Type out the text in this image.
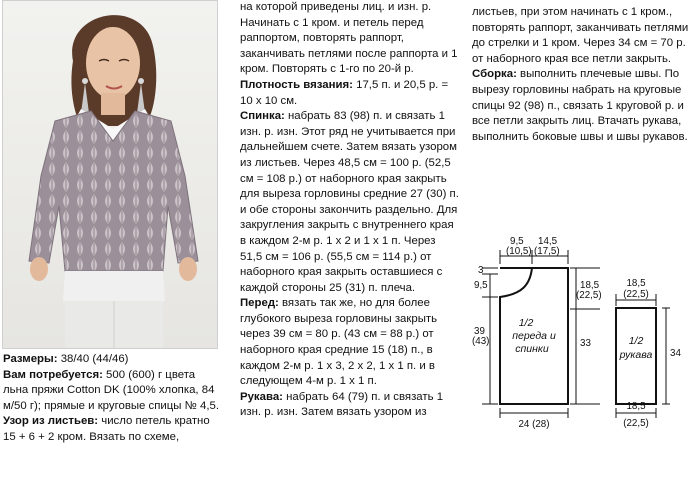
Размеры: 38/40 (44/46)

Вам потребуется: 500 (600) г цвета льна пряжи Cotton DK (100% хлопка, 84 м/50 г); прямые и круговые спицы № 4,5.

Узор из листьев: число петель кратно 15 + 6 + 2 кром. Вязать по схеме,

на которой приведены лиц. и изн. р. Начинать с 1 кром. и петель перед раппортом, повторять раппорт, заканчивать петлями после раппорта и 1 кром. Повторять с 1-го по 20-й р.

Плотность вязания: 17,5 п. и 20,5 р. = 10 x 10 см.

Спинка: набрать 83 (98) п. и связать 1 изн. р. изн. Этот ряд не учитывается при дальнейшем счете. Затем вязать узором из листьев. Через 48,5 см = 100 р. (52,5 см = 108 р.) от наборного края закрыть для выреза горловины средние 27 (30) п. и обе стороны закончить раздельно. Для закругления закрыть с внутреннего края в каждом 2-м р. 1 x 2 и 1 x 1 п. Через 51,5 см = 106 р. (55,5 см = 114 р.) от наборного края закрыть оставшиеся с каждой стороны 25 (31) п. плеча.

Перед: вязать так же, но для более глубокого выреза горловины закрыть через 39 см = 80 р. (43 см = 88 р.) от наборного края средние 15 (18) п., в каждом 2-м р. 1 x 3, 2 x 2, 1 x 1 п. и в следующем 4-м р. 1 x 1 п.

Рукава: набрать 64 (79) п. и связать 1 изн. р. изн. Затем вязать узором из

листьев, при этом начинать с 1 кром., повторять раппорт, заканчивать петлями до стрелки и 1 кром. Через 34 см = 70 р. от наборного края все петли закрыть.

Сборка: выполнить плечевые швы. По вырезу горловины набрать на круговые спицы 92 (98) п., связать 1 круговой р. и все петли закрыть лиц. Втачать рукава, выполнить боковые швы и швы рукавов.

9,5
(10,5)
14,5
(17,5)
3
9,5	18,5
(22,5)
39
(43)
1/2
переда и
спинки	33
24 (28)
18,5
(22,5)
1/2
рукава 34
18,5
(22,5)
